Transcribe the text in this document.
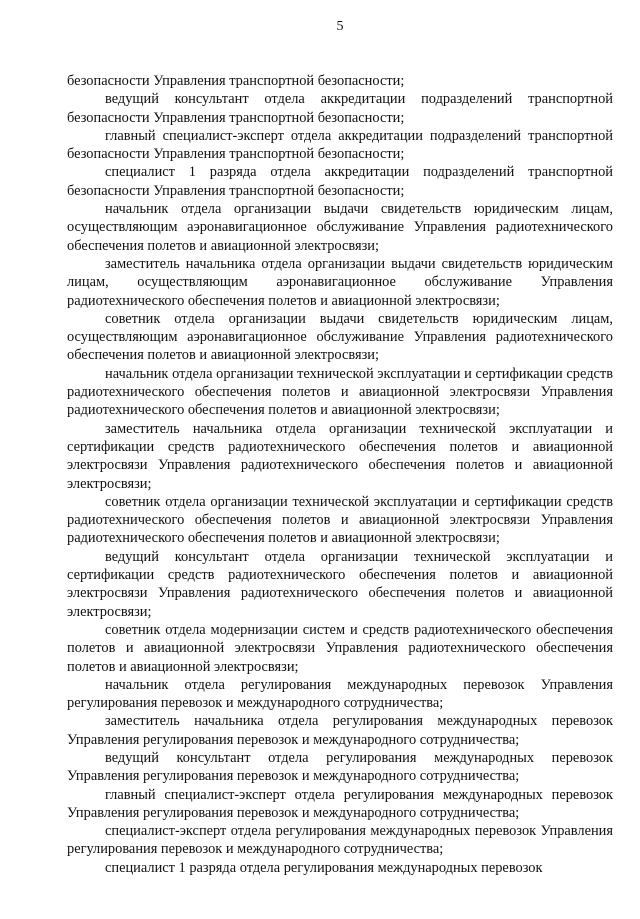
5

безопасности Управления транспортной безопасности;

ведущий консультант отдела аккредитации подразделений транспортной безопасности Управления транспортной безопасности;

главный специалист-эксперт отдела аккредитации подразделений транспортной безопасности Управления транспортной безопасности;

специалист 1 разряда отдела аккредитации подразделений транспортной безопасности Управления транспортной безопасности;

начальник отдела организации выдачи свидетельств юридическим лицам, осуществляющим аэронавигационное обслуживание Управления радиотехнического обеспечения полетов и авиационной электросвязи;

заместитель начальника отдела организации выдачи свидетельств юридическим лицам, осуществляющим аэронавигационное обслуживание Управления радиотехнического обеспечения полетов и авиационной электросвязи;

советник отдела организации выдачи свидетельств юридическим лицам, осуществляющим аэронавигационное обслуживание Управления радиотехнического обеспечения полетов и авиационной электросвязи;

начальник отдела организации технической эксплуатации и сертификации средств радиотехнического обеспечения полетов и авиационной электросвязи Управления радиотехнического обеспечения полетов и авиационной электросвязи;

заместитель начальника отдела организации технической эксплуатации и сертификации средств радиотехнического обеспечения полетов и авиационной электросвязи Управления радиотехнического обеспечения полетов и авиационной электросвязи;

советник отдела организации технической эксплуатации и сертификации средств радиотехнического обеспечения полетов и авиационной электросвязи Управления радиотехнического обеспечения полетов и авиационной электросвязи;

ведущий консультант отдела организации технической эксплуатации и сертификации средств радиотехнического обеспечения полетов и авиационной электросвязи Управления радиотехнического обеспечения полетов и авиационной электросвязи;

советник отдела модернизации систем и средств радиотехнического обеспечения полетов и авиационной электросвязи Управления радиотехнического обеспечения полетов и авиационной электросвязи;

начальник отдела регулирования международных перевозок Управления регулирования перевозок и международного сотрудничества;

заместитель начальника отдела регулирования международных перевозок Управления регулирования перевозок и международного сотрудничества;

ведущий консультант отдела регулирования международных перевозок Управления регулирования перевозок и международного сотрудничества;

главный специалист-эксперт отдела регулирования международных перевозок Управления регулирования перевозок и международного сотрудничества;

специалист-эксперт отдела регулирования международных перевозок Управления регулирования перевозок и международного сотрудничества;

специалист 1 разряда отдела регулирования международных перевозок
